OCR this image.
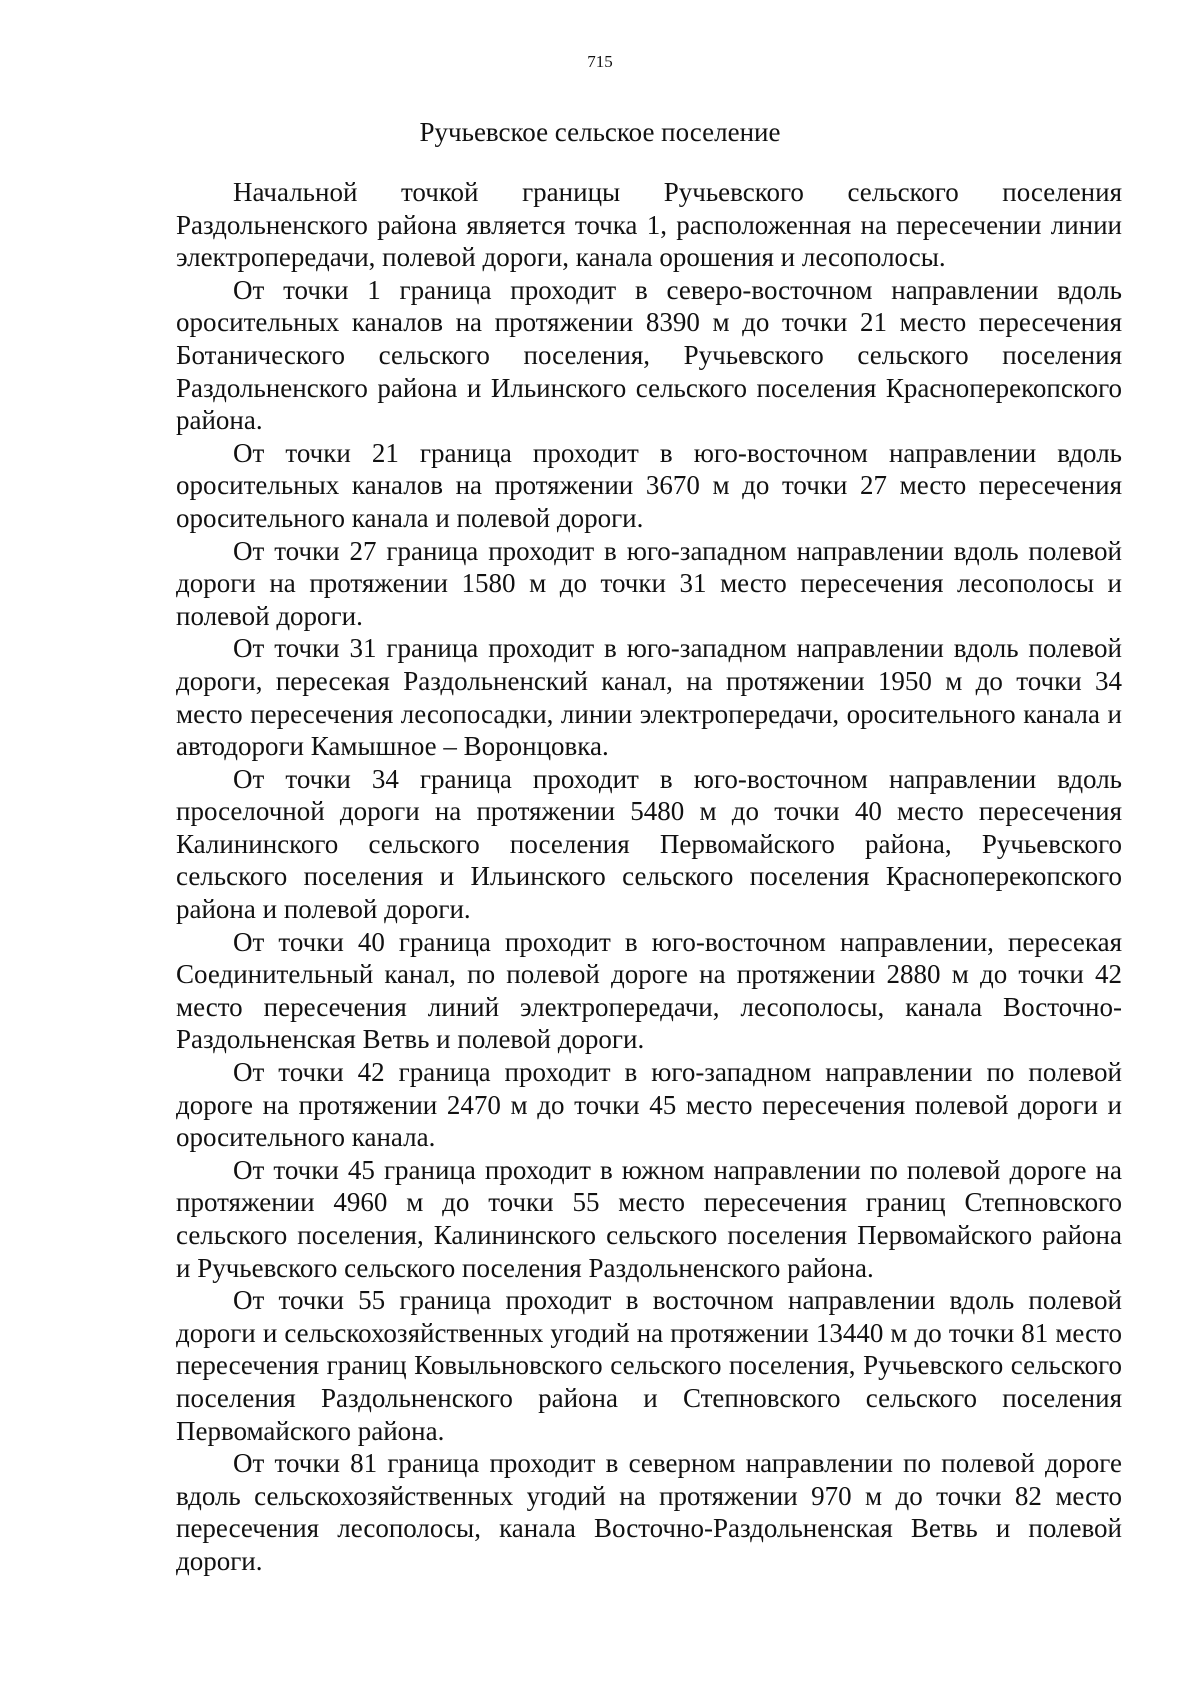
715
Ручьевское сельское поселение

Начальной точкой границы Ручьевского сельского поселения Раздольненского района является точка 1, расположенная на пересечении линии электропередачи, полевой дороги, канала орошения и лесополосы.

От точки 1 граница проходит в северо-восточном направлении вдоль оросительных каналов на протяжении 8390 м до точки 21 место пересечения Ботанического сельского поселения, Ручьевского сельского поселения Раздольненского района и Ильинского сельского поселения Красноперекопского района.

От точки 21 граница проходит в юго-восточном направлении вдоль оросительных каналов на протяжении 3670 м до точки 27 место пересечения оросительного канала и полевой дороги.

От точки 27 граница проходит в юго-западном направлении вдоль полевой дороги на протяжении 1580 м до точки 31 место пересечения лесополосы и полевой дороги.

От точки 31 граница проходит в юго-западном направлении вдоль полевой дороги, пересекая Раздольненский канал, на протяжении 1950 м до точки 34 место пересечения лесопосадки, линии электропередачи, оросительного канала и автодороги Камышное – Воронцовка.

От точки 34 граница проходит в юго-восточном направлении вдоль проселочной дороги на протяжении 5480 м до точки 40 место пересечения Калининского сельского поселения Первомайского района, Ручьевского сельского поселения и Ильинского сельского поселения Красноперекопского района и полевой дороги.

От точки 40 граница проходит в юго-восточном направлении, пересекая Соединительный канал, по полевой дороге на протяжении 2880 м до точки 42 место пересечения линий электропередачи, лесополосы, канала Восточно-Раздольненская Ветвь и полевой дороги.

От точки 42 граница проходит в юго-западном направлении по полевой дороге на протяжении 2470 м до точки 45 место пересечения полевой дороги и оросительного канала.

От точки 45 граница проходит в южном направлении по полевой дороге на протяжении 4960 м до точки 55 место пересечения границ Степновского сельского поселения, Калининского сельского поселения Первомайского района и Ручьевского сельского поселения Раздольненского района.

От точки 55 граница проходит в восточном направлении вдоль полевой дороги и сельскохозяйственных угодий на протяжении 13440 м до точки 81 место пересечения границ Ковыльновского сельского поселения, Ручьевского сельского поселения Раздольненского района и Степновского сельского поселения Первомайского района.

От точки 81 граница проходит в северном направлении по полевой дороге вдоль сельскохозяйственных угодий на протяжении 970 м до точки 82 место пересечения лесополосы, канала Восточно-Раздольненская Ветвь и полевой дороги.
